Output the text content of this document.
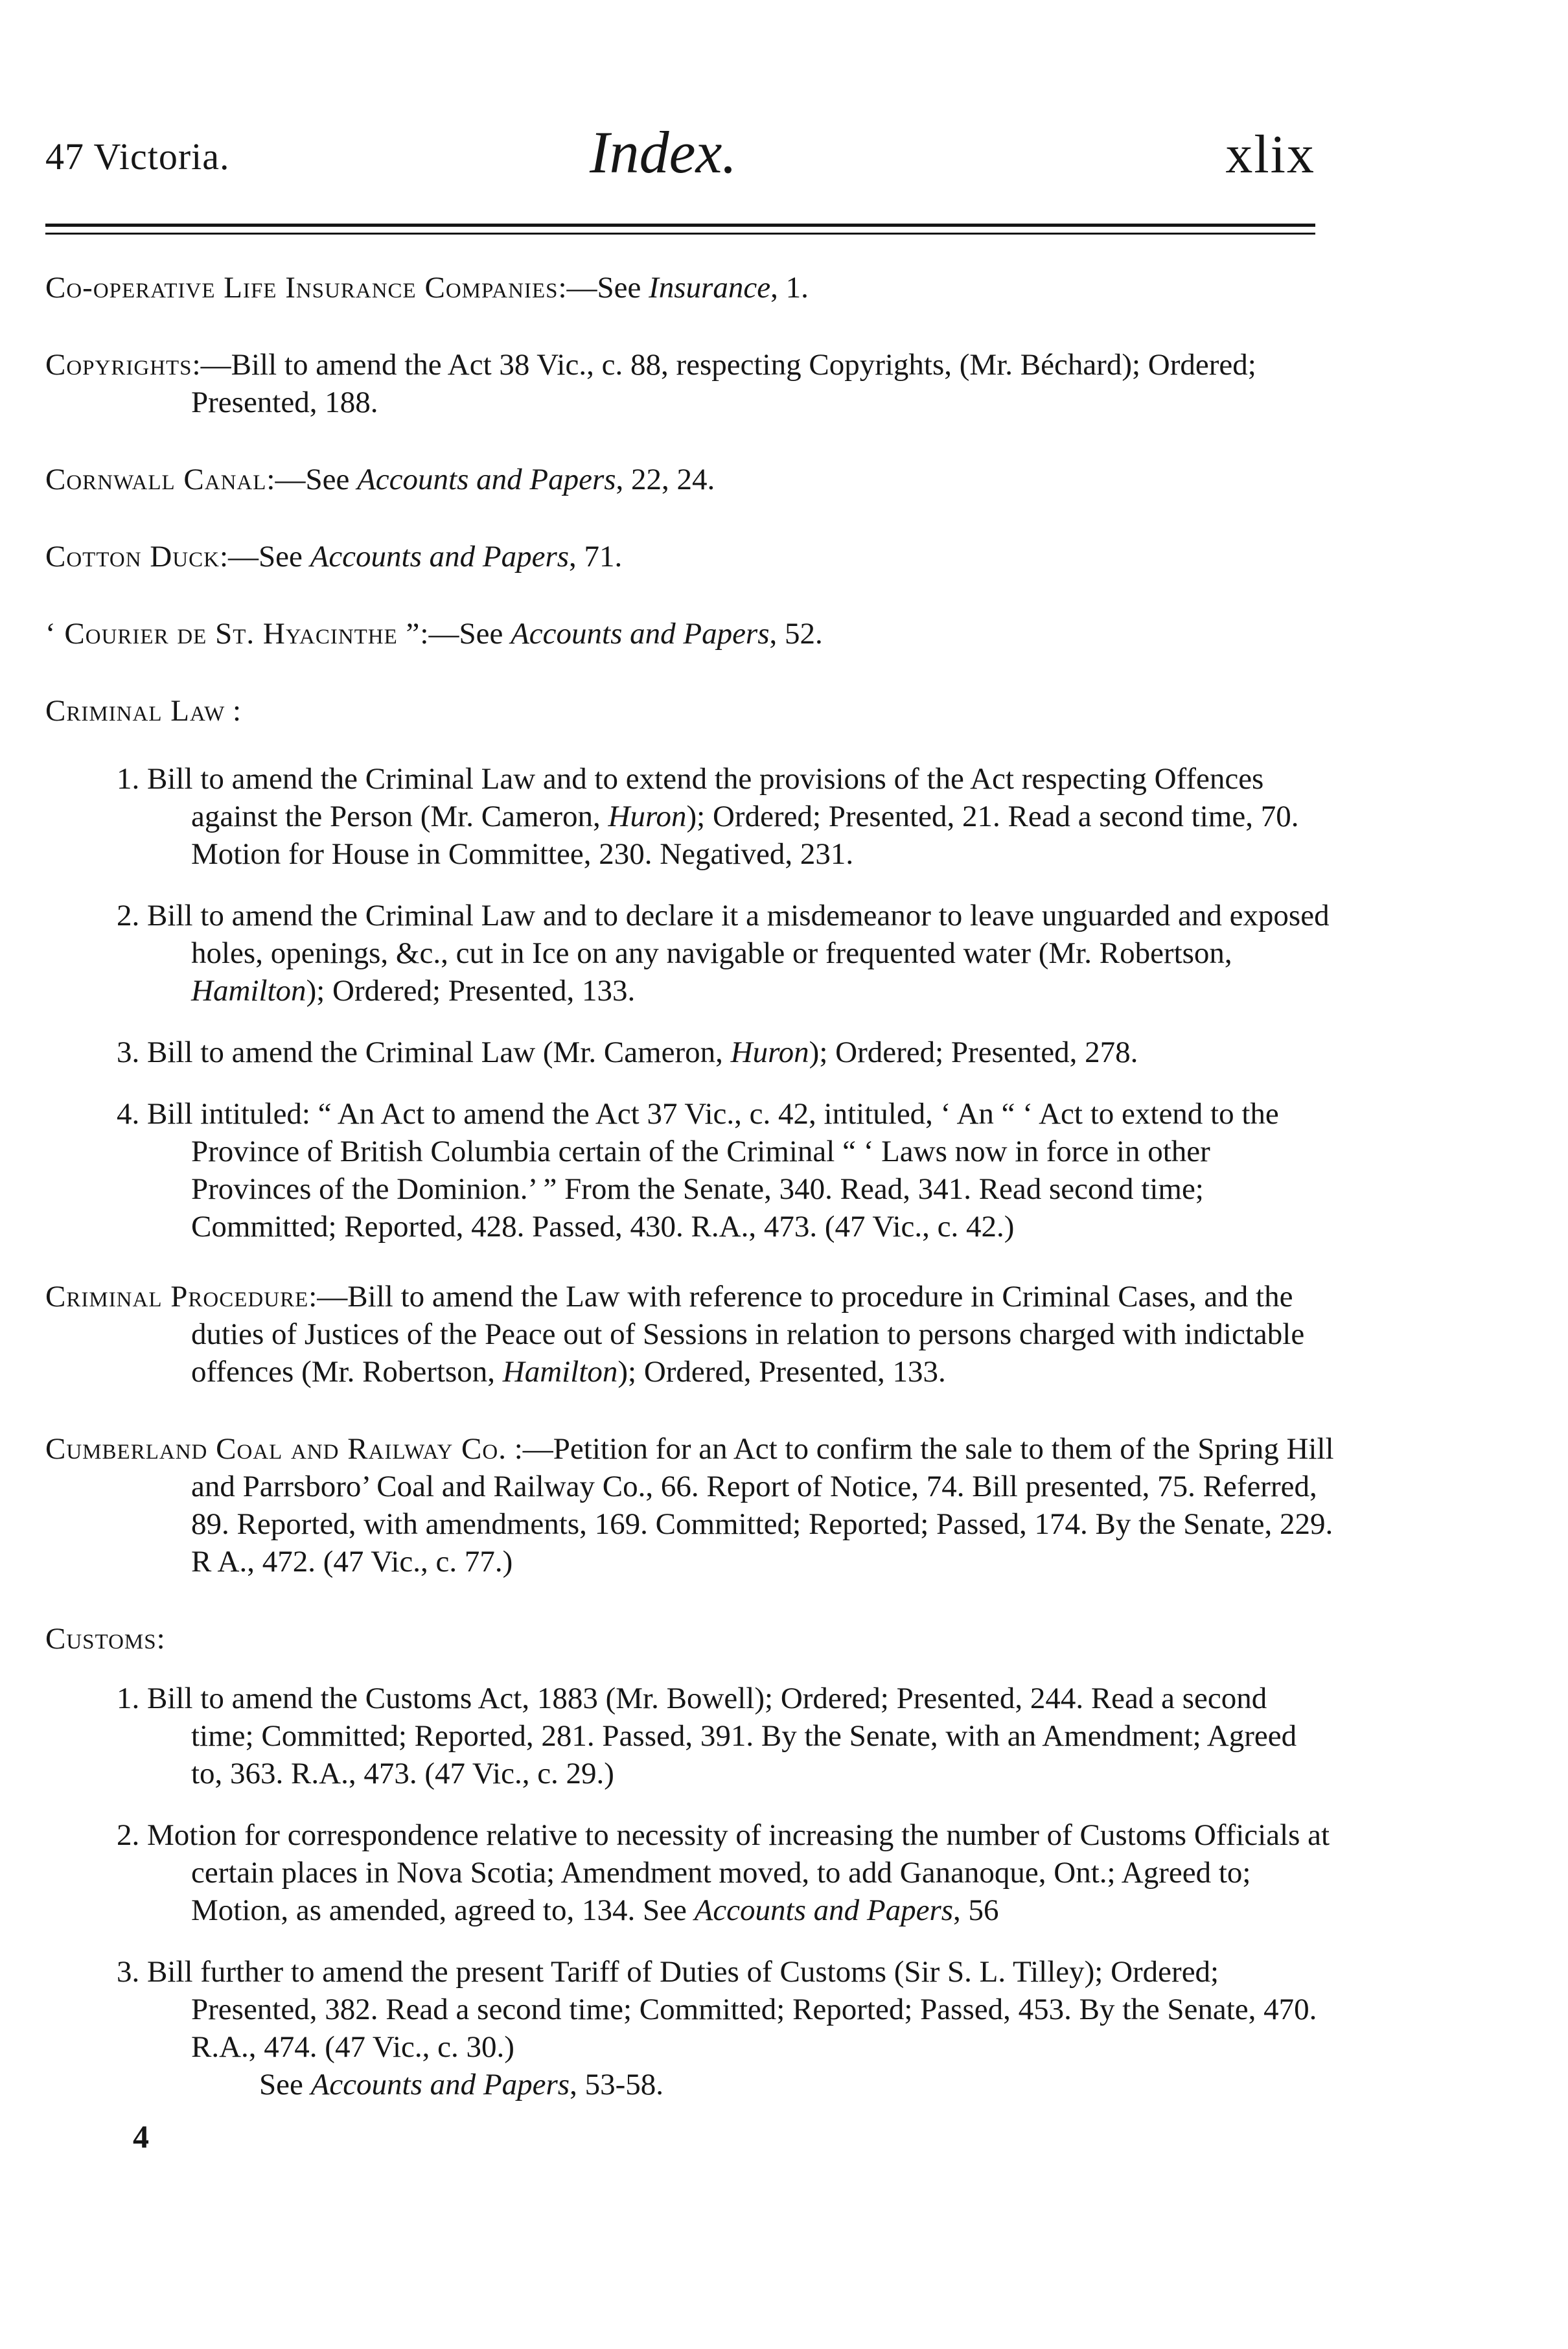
47 Victoria.	Index.	xlix

Co-operative Life Insurance Companies:—See Insurance, 1.

Copyrights:—Bill to amend the Act 38 Vic., c. 88, respecting Copyrights, (Mr. Béchard); Ordered; Presented, 188.

Cornwall Canal:—See Accounts and Papers, 22, 24.

Cotton Duck:—See Accounts and Papers, 71.

‘ Courier de St. Hyacinthe ”:—See Accounts and Papers, 52.

Criminal Law :

1. Bill to amend the Criminal Law and to extend the provisions of the Act respecting Offences against the Person (Mr. Cameron, Huron); Ordered; Presented, 21. Read a second time, 70. Motion for House in Committee, 230. Negatived, 231.

2. Bill to amend the Criminal Law and to declare it a misdemeanor to leave unguarded and exposed holes, openings, &c., cut in Ice on any navigable or frequented water (Mr. Robertson, Hamilton); Ordered; Presented, 133.

3. Bill to amend the Criminal Law (Mr. Cameron, Huron); Ordered; Presented, 278.

4. Bill intituled: “ An Act to amend the Act 37 Vic., c. 42, intituled, ‘ An “ ‘ Act to extend to the Province of British Columbia certain of the Criminal “ ‘ Laws now in force in other Provinces of the Dominion.’ ” From the Senate, 340. Read, 341. Read second time; Committed; Reported, 428. Passed, 430. R.A., 473. (47 Vic., c. 42.)

Criminal Procedure:—Bill to amend the Law with reference to procedure in Criminal Cases, and the duties of Justices of the Peace out of Sessions in relation to persons charged with indictable offences (Mr. Robertson, Hamilton); Ordered, Presented, 133.

Cumberland Coal and Railway Co. :—Petition for an Act to confirm the sale to them of the Spring Hill and Parrsboro’ Coal and Railway Co., 66. Report of Notice, 74. Bill presented, 75. Referred, 89. Reported, with amendments, 169. Committed; Reported; Passed, 174. By the Senate, 229. R A., 472. (47 Vic., c. 77.)

Customs:

1. Bill to amend the Customs Act, 1883 (Mr. Bowell); Ordered; Presented, 244. Read a second time; Committed; Reported, 281. Passed, 391. By the Senate, with an Amendment; Agreed to, 363. R.A., 473. (47 Vic., c. 29.)

2. Motion for correspondence relative to necessity of increasing the number of Customs Officials at certain places in Nova Scotia; Amendment moved, to add Gananoque, Ont.; Agreed to; Motion, as amended, agreed to, 134. See Accounts and Papers, 56

3. Bill further to amend the present Tariff of Duties of Customs (Sir S. L. Tilley); Ordered; Presented, 382. Read a second time; Committed; Reported; Passed, 453. By the Senate, 470. R.A., 474. (47 Vic., c. 30.)

See Accounts and Papers, 53-58.

4
